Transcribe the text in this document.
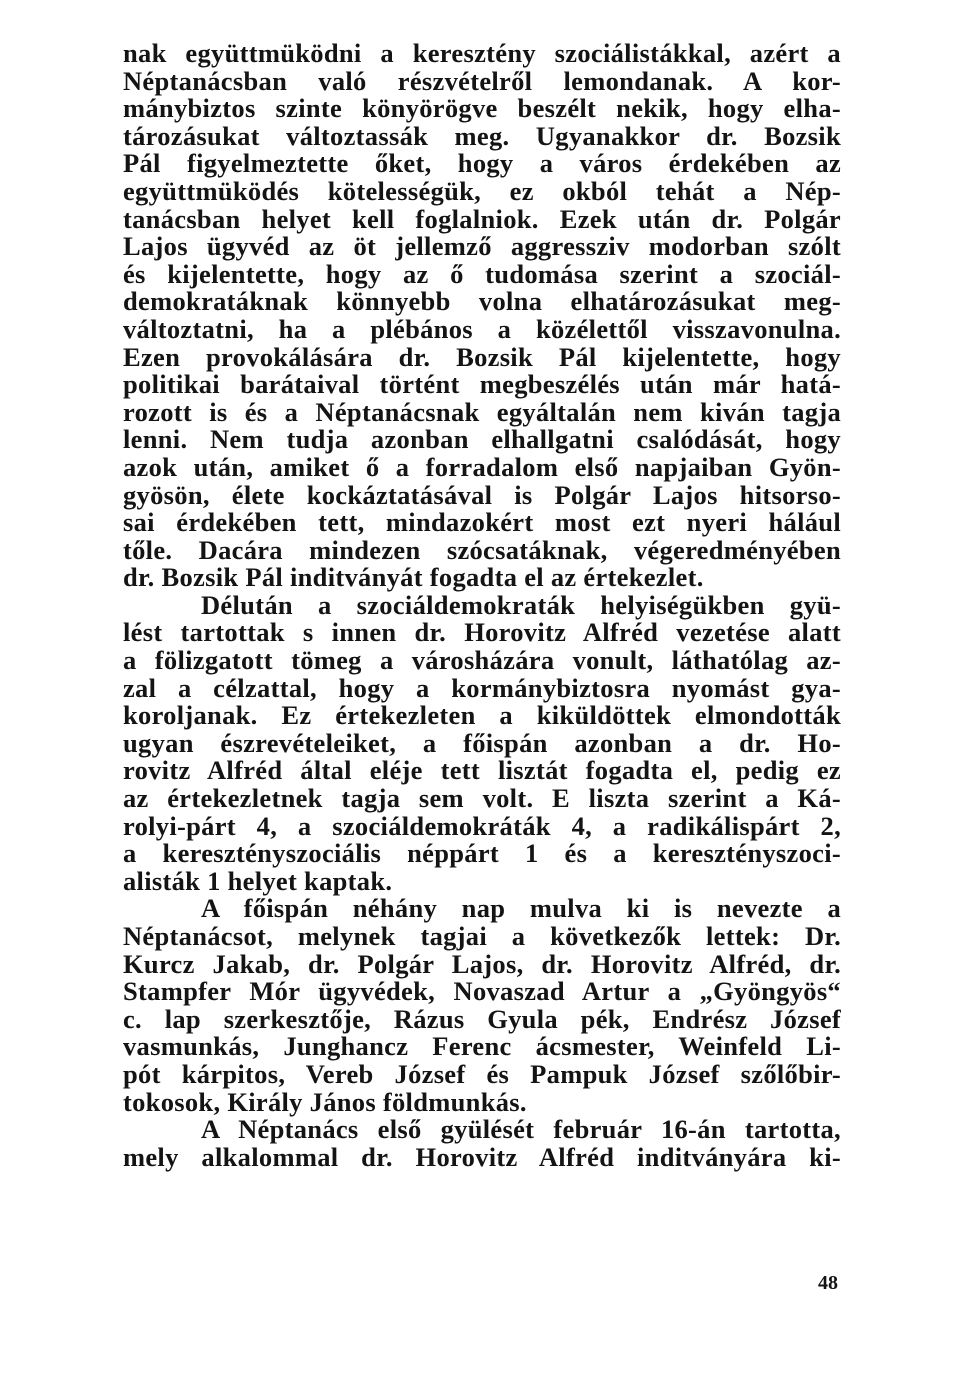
nak együttmüködni a keresztény szociálistákkal, azért a
Néptanácsban való részvételről lemondanak. A kor-
mánybiztos szinte könyörögve beszélt nekik, hogy elha-
tározásukat változtassák meg. Ugyanakkor dr. Bozsik
Pál figyelmeztette őket, hogy a város érdekében az
együttmüködés kötelességük, ez okból tehát a Nép-
tanácsban helyet kell foglalniok. Ezek után dr. Polgár
Lajos ügyvéd az öt jellemző aggressziv modorban szólt
és kijelentette, hogy az ő tudomása szerint a szociál-
demokratáknak könnyebb volna elhatározásukat meg-
változtatni, ha a plébános a közélettől visszavonulna.
Ezen provokálására dr. Bozsik Pál kijelentette, hogy
politikai barátaival történt megbeszélés után már hatá-
rozott is és a Néptanácsnak egyáltalán nem kiván tagja
lenni. Nem tudja azonban elhallgatni csalódását, hogy
azok után, amiket ő a forradalom első napjaiban Gyön-
gyösön, élete kockáztatásával is Polgár Lajos hitsorso-
sai érdekében tett, mindazokért most ezt nyeri hálául
tőle. Dacára mindezen szócsatáknak, végeredményében
dr. Bozsik Pál inditványát fogadta el az értekezlet.
Délután a szociáldemokraták helyiségükben gyü-
lést tartottak s innen dr. Horovitz Alfréd vezetése alatt
a fölizgatott tömeg a városházára vonult, láthatólag az-
zal a célzattal, hogy a kormánybiztosra nyomást gya-
koroljanak. Ez értekezleten a kiküldöttek elmondották
ugyan észrevételeiket, a főispán azonban a dr. Ho-
rovitz Alfréd által eléje tett lisztát fogadta el, pedig ez
az értekezletnek tagja sem volt. E liszta szerint a Ká-
rolyi-párt 4, a szociáldemokráták 4, a radikálispárt 2,
a keresztényszociális néppárt 1 és a keresztényszoci-
alisták 1 helyet kaptak.
A főispán néhány nap mulva ki is nevezte a
Néptanácsot, melynek tagjai a következők lettek: Dr.
Kurcz Jakab, dr. Polgár Lajos, dr. Horovitz Alfréd, dr.
Stampfer Mór ügyvédek, Novaszad Artur a „Gyöngyös“
c. lap szerkesztője, Rázus Gyula pék, Endrész József
vasmunkás, Junghancz Ferenc ácsmester, Weinfeld Li-
pót kárpitos, Vereb József és Pampuk József szőlőbir-
tokosok, Király János földmunkás.
A Néptanács első gyülését február 16-án tartotta,
mely alkalommal dr. Horovitz Alfréd inditványára ki-
48
